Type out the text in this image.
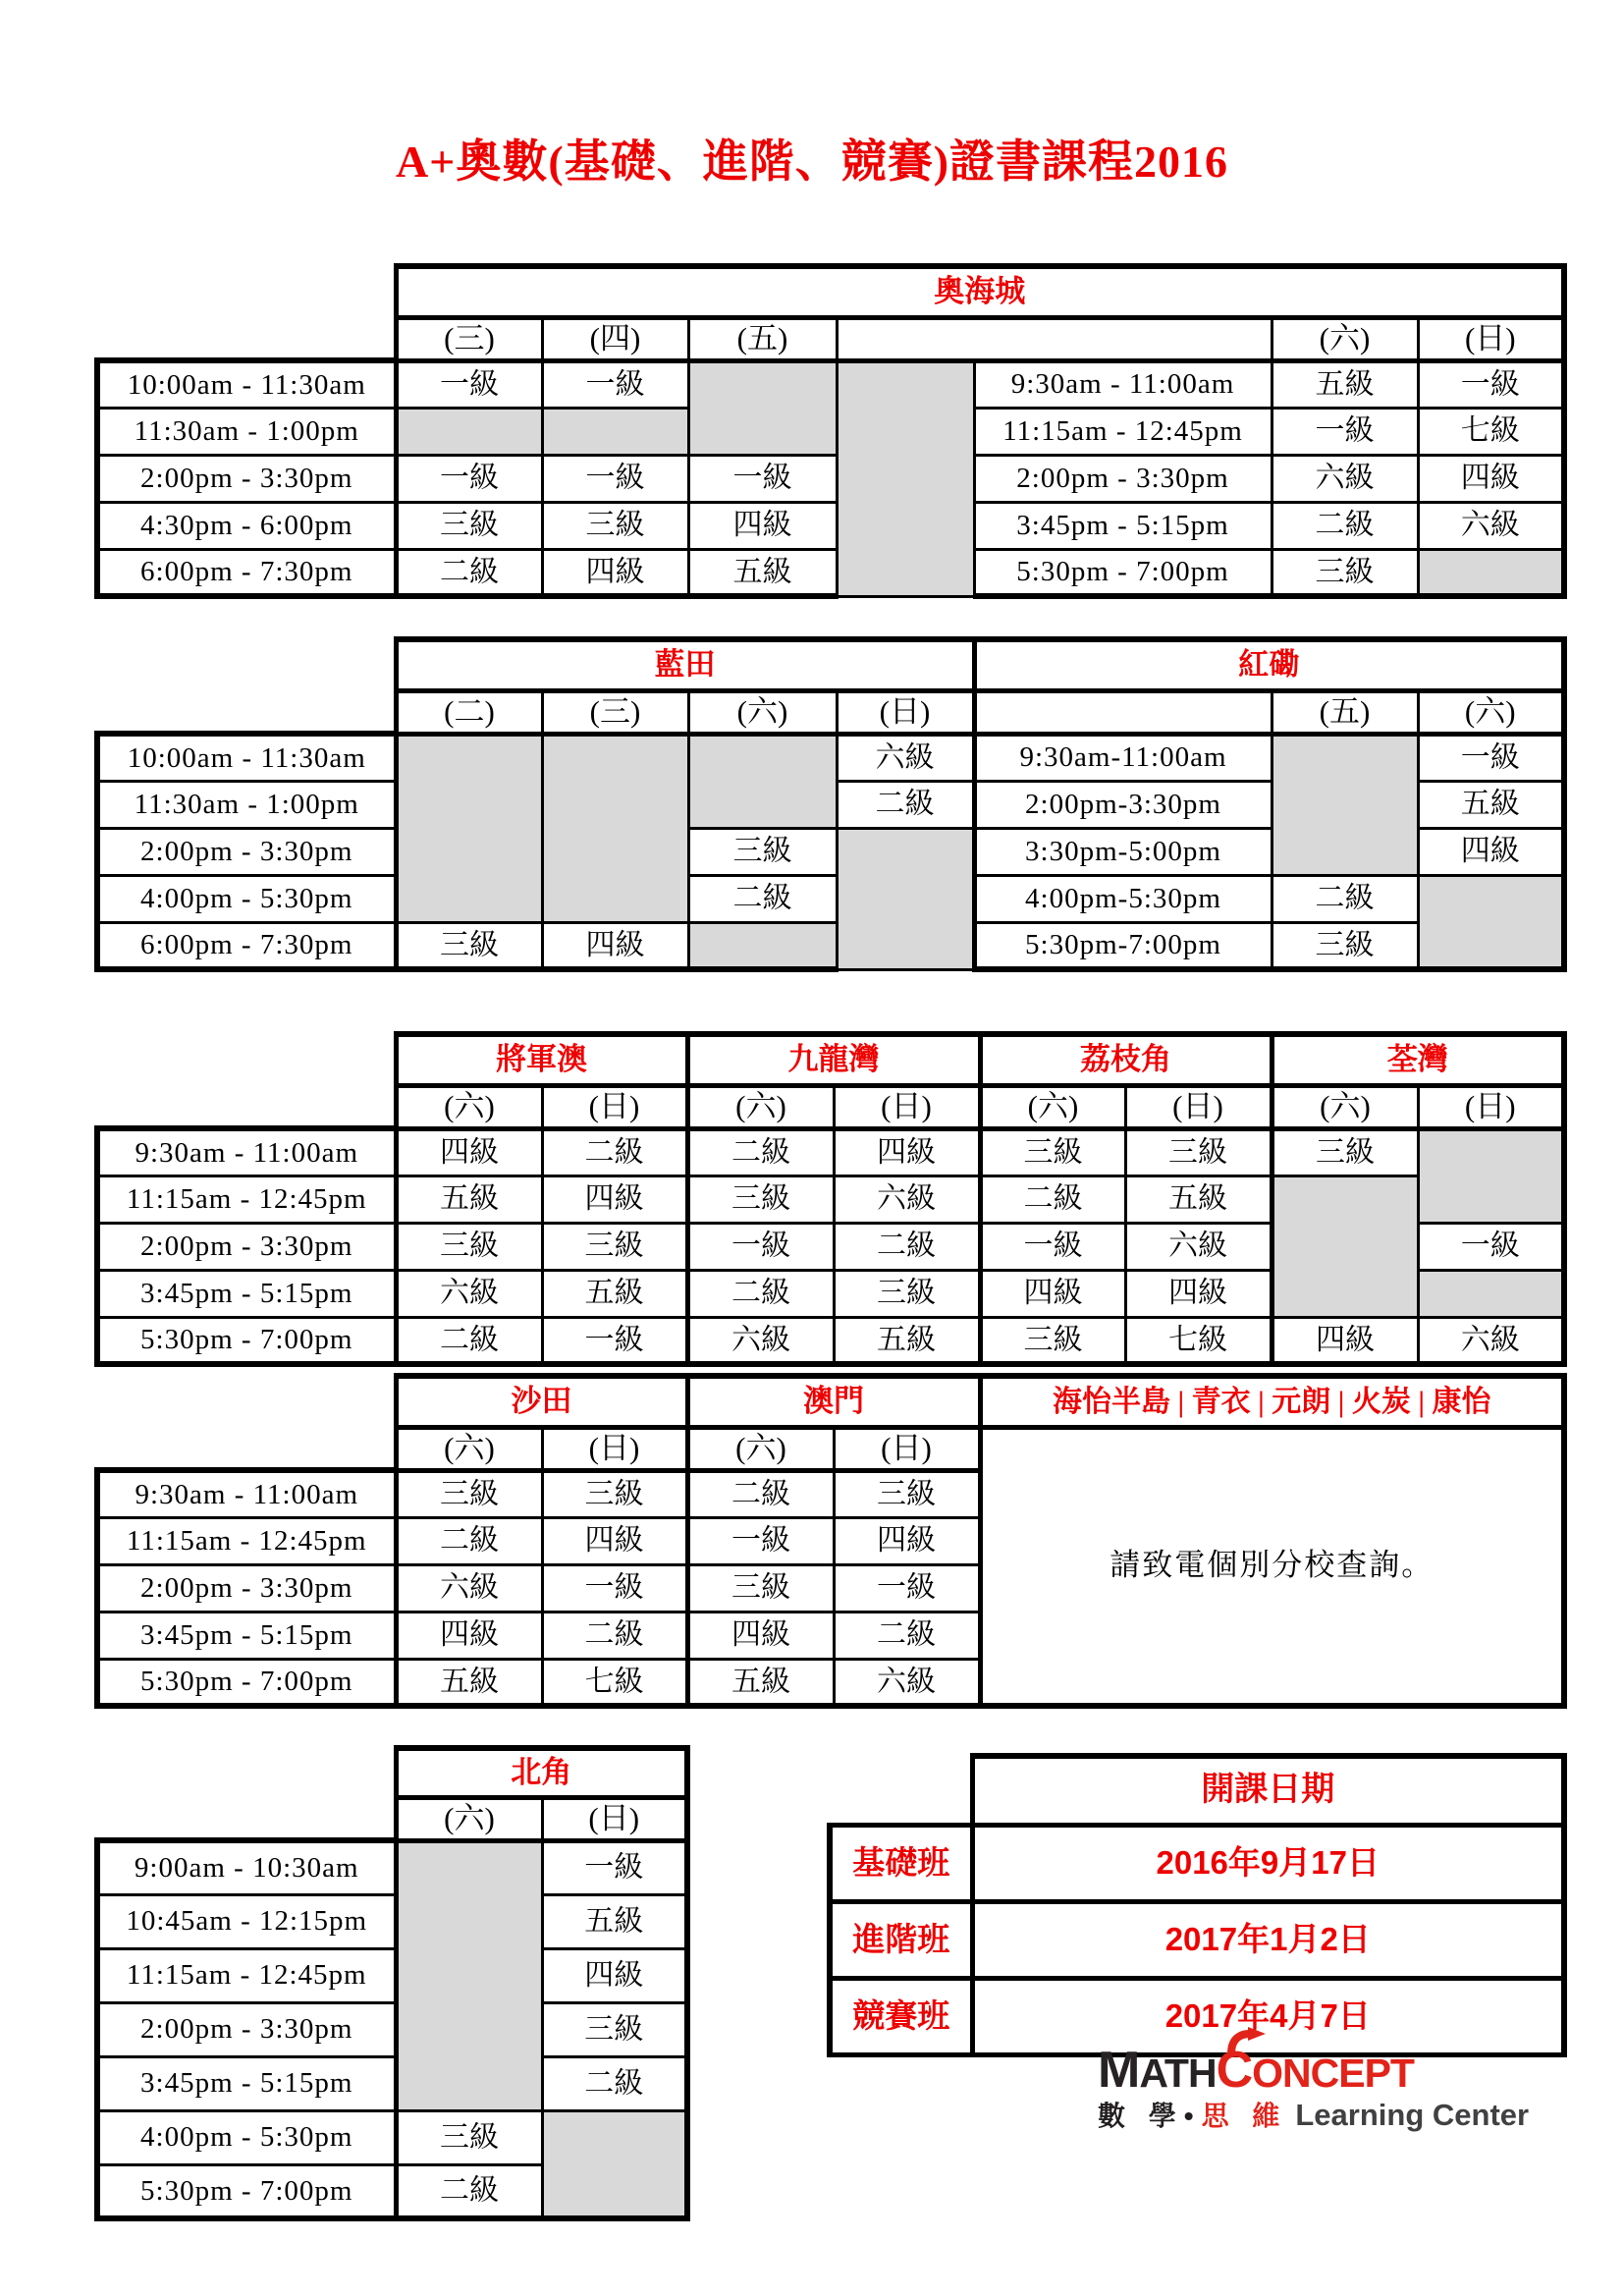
A+奧數(基礎、進階、競賽)證書課程2016
	奧海城						
	(三)	(四)	(五)			(六)	(日)
10:00am - 11:30am	一級	一級			9:30am - 11:00am	五級	一級
11:30am - 1:00pm					11:15am - 12:45pm	一級	七級
2:00pm - 3:30pm	一級	一級	一級		2:00pm - 3:30pm	六級	四級
4:30pm - 6:00pm	三級	三級	四級		3:45pm - 5:15pm	二級	六級
6:00pm - 7:30pm	二級	四級	五級		5:30pm - 7:00pm	三級	
	藍田				紅磡		
	(二)	(三)	(六)	(日)		(五)	(六)
10:00am - 11:30am				六級	9:30am-11:00am		一級
11:30am - 1:00pm				二級	2:00pm-3:30pm		五級
2:00pm - 3:30pm			三級		3:30pm-5:00pm		四級
4:00pm - 5:30pm			二級		4:00pm-5:30pm	二級	
6:00pm - 7:30pm	三級	四級			5:30pm-7:00pm	三級	
	將軍澳		九龍灣		荔枝角		荃灣	
	(六)	(日)	(六)	(日)	(六)	(日)	(六)	(日)
9:30am - 11:00am	四級	二級	二級	四級	三級	三級	三級	
11:15am - 12:45pm	五級	四級	三級	六級	二級	五級		
2:00pm - 3:30pm	三級	三級	一級	二級	一級	六級		一級
3:45pm - 5:15pm	六級	五級	二級	三級	四級	四級		
5:30pm - 7:00pm	二級	一級	六級	五級	三級	七級	四級	六級
	沙田		澳門		海怡半島 | 青衣 | 元朗 | 火炭 | 康怡
	(六)	(日)	(六)	(日)	請致電個別分校查詢。
9:30am - 11:00am	三級	三級	二級	三級	
11:15am - 12:45pm	二級	四級	一級	四級	
2:00pm - 3:30pm	六級	一級	三級	一級	
3:45pm - 5:15pm	四級	二級	四級	二級	
5:30pm - 7:00pm	五級	七級	五級	六級	
	北角	
	(六)	(日)
9:00am - 10:30am		一級
10:45am - 12:15pm		五級
11:15am - 12:45pm		四級
2:00pm - 3:30pm		三級
3:45pm - 5:15pm		二級
4:00pm - 5:30pm	三級	
5:30pm - 7:00pm	二級	
	開課日期
基礎班	2016年9月17日
進階班	2017年1月2日
競賽班	2017年4月7日
MATHC
ONCEPT
數 學•思 維 Learning Center
